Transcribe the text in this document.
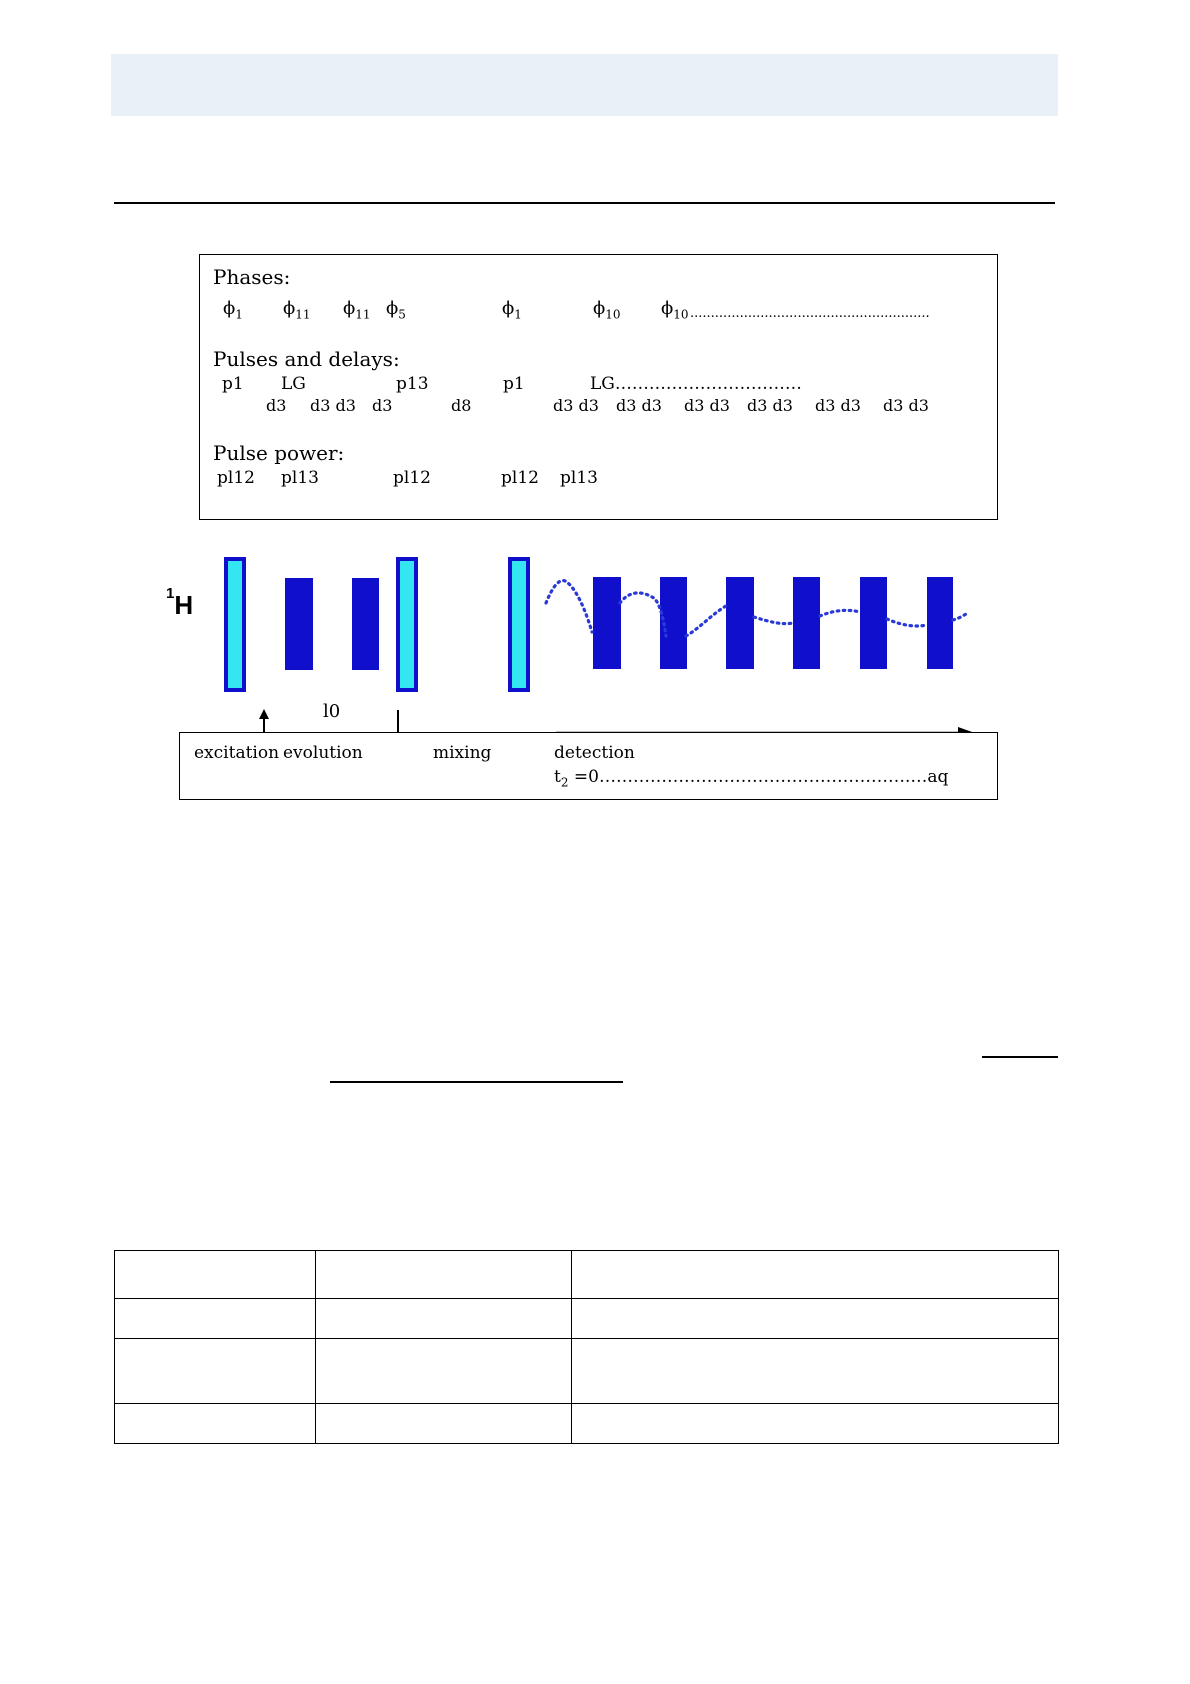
Phases:
$\phi_1$ $\phi_{11}$ $\phi_{11}$ $\phi_5$	$\phi_1$	$\phi_{10}$ $\phi_{10}$ ..........................................................
Pulses and delays:
p1 LG	p13	p1	LG……………………………
d3 d3 d3 d3	d8	d3 d3 d3 d3 d3 d3 d3 d3 d3 d3 d3 d3
Pulse power:
pl12 pl13	pl12	pl12 pl13
$^1$H
l0
excitation evolution	mixing	detection
$t_2$ =0……………………………………………….…aq
